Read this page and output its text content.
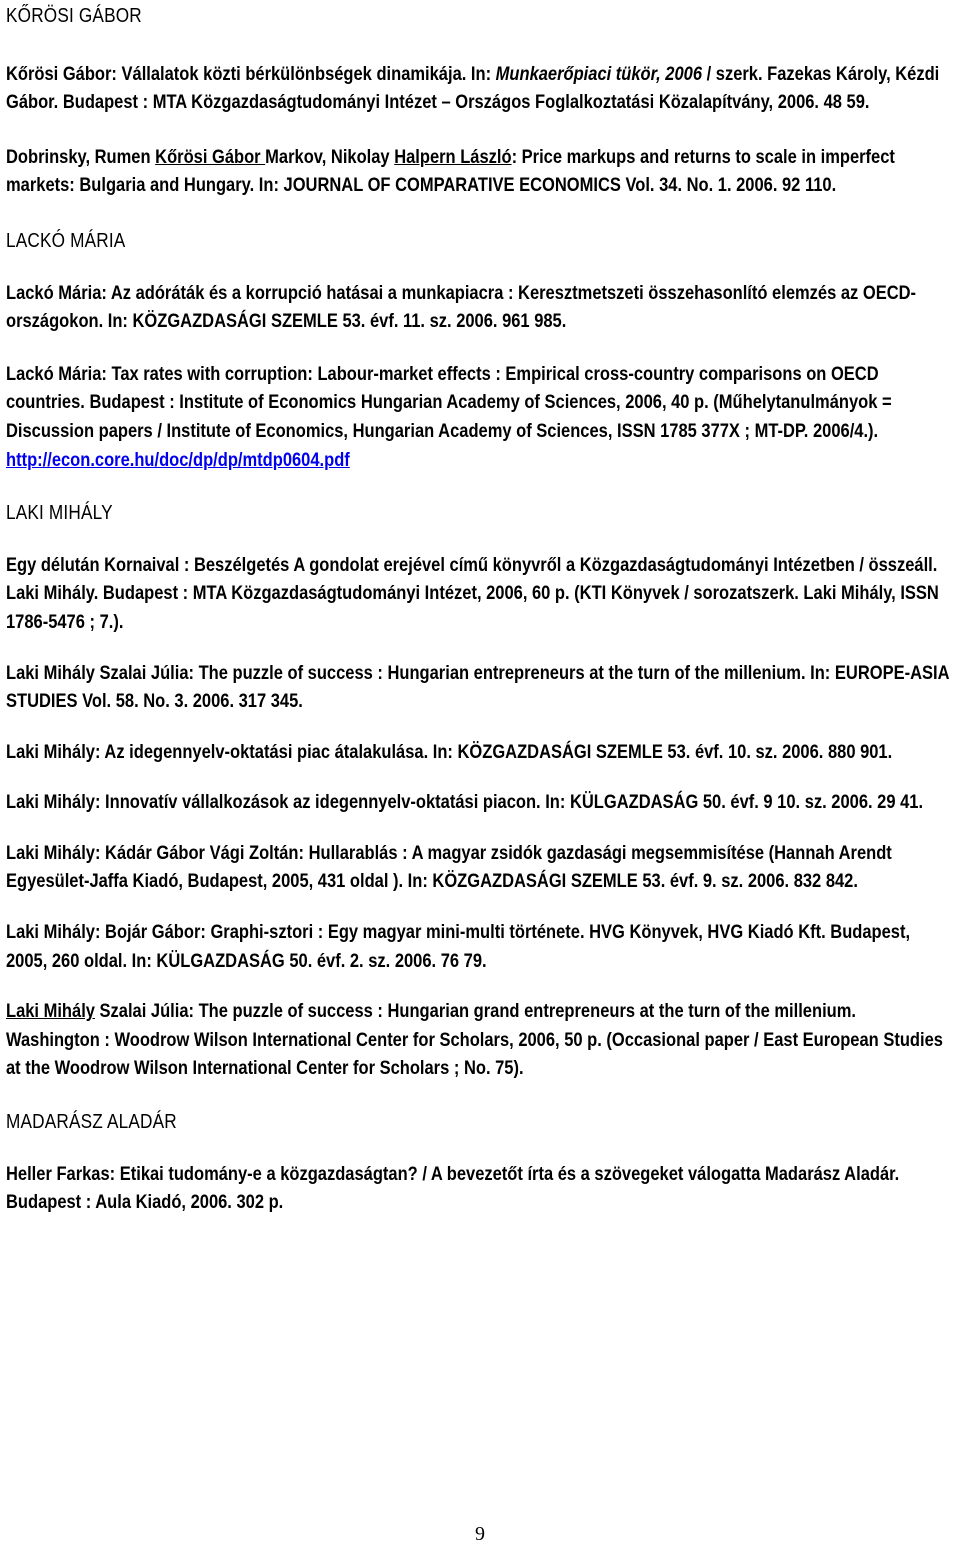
KŐRÖSI GÁBOR

Kőrösi Gábor: Vállalatok közti bérkülönbségek dinamikája. In: Munkaerőpiaci tükör, 2006 / szerk. Fazekas Károly, Kézdi Gábor. Budapest : MTA Közgazdaságtudományi Intézet – Országos Foglalkoztatási Közalapítvány, 2006. 48 59.

Dobrinsky, Rumen Kőrösi Gábor Markov, Nikolay Halpern László: Price markups and returns to scale in imperfect markets: Bulgaria and Hungary. In: JOURNAL OF COMPARATIVE ECONOMICS Vol. 34. No. 1. 2006. 92 110.

LACKÓ MÁRIA

Lackó Mária: Az adóráták és a korrupció hatásai a munkapiacra : Keresztmetszeti összehasonlító elemzés az OECD-országokon. In: KÖZGAZDASÁGI SZEMLE 53. évf. 11. sz. 2006. 961 985.

Lackó Mária: Tax rates with corruption: Labour-market effects : Empirical cross-country comparisons on OECD countries. Budapest : Institute of Economics Hungarian Academy of Sciences, 2006, 40 p. (Műhelytanulmányok = Discussion papers / Institute of Economics, Hungarian Academy of Sciences, ISSN 1785 377X ; MT-DP. 2006/4.). http://econ.core.hu/doc/dp/dp/mtdp0604.pdf

LAKI MIHÁLY

Egy délután Kornaival : Beszélgetés A gondolat erejével című könyvről a Közgazdaságtudományi Intézetben / összeáll. Laki Mihály. Budapest : MTA Közgazdaságtudományi Intézet, 2006, 60 p. (KTI Könyvek / sorozatszerk. Laki Mihály, ISSN 1786-5476 ; 7.).

Laki Mihály Szalai Júlia: The puzzle of success : Hungarian entrepreneurs at the turn of the millenium. In: EUROPE-ASIA STUDIES Vol. 58. No. 3. 2006. 317 345.

Laki Mihály: Az idegennyelv-oktatási piac átalakulása. In: KÖZGAZDASÁGI SZEMLE 53. évf. 10. sz. 2006. 880 901.

Laki Mihály: Innovatív vállalkozások az idegennyelv-oktatási piacon. In: KÜLGAZDASÁG 50. évf. 9 10. sz. 2006. 29 41.

Laki Mihály: Kádár Gábor Vági Zoltán: Hullarablás : A magyar zsidók gazdasági megsemmisítése (Hannah Arendt Egyesület-Jaffa Kiadó, Budapest, 2005, 431 oldal ). In: KÖZGAZDASÁGI SZEMLE 53. évf. 9. sz. 2006. 832 842.

Laki Mihály: Bojár Gábor: Graphi-sztori : Egy magyar mini-multi története. HVG Könyvek, HVG Kiadó Kft. Budapest, 2005, 260 oldal. In: KÜLGAZDASÁG 50. évf. 2. sz. 2006. 76 79.

Laki Mihály Szalai Júlia: The puzzle of success : Hungarian grand entrepreneurs at the turn of the millenium. Washington : Woodrow Wilson International Center for Scholars, 2006, 50 p. (Occasional paper / East European Studies at the Woodrow Wilson International Center for Scholars ; No. 75).

MADARÁSZ ALADÁR

Heller Farkas: Etikai tudomány-e a közgazdaságtan? / A bevezetőt írta és a szövegeket válogatta Madarász Aladár. Budapest : Aula Kiadó, 2006. 302 p.

9
